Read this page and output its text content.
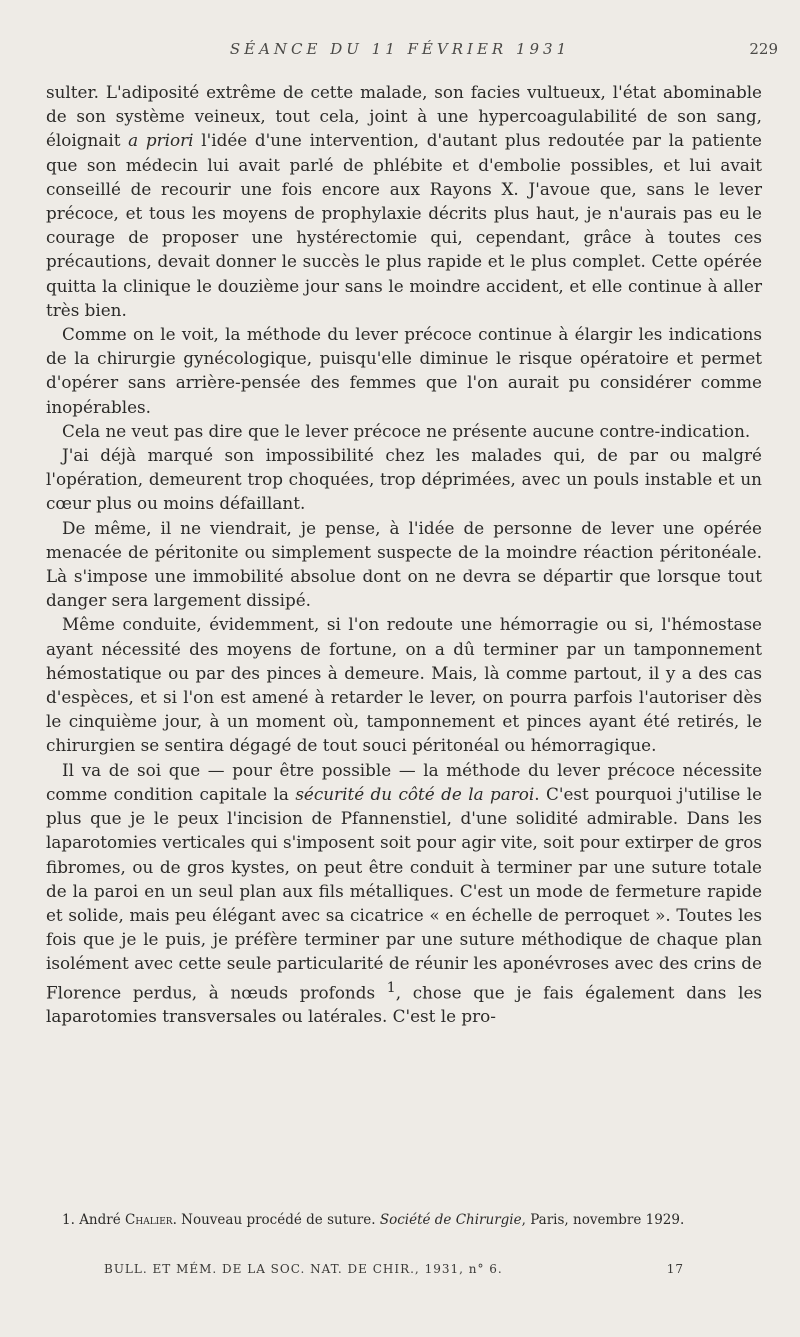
SÉANCE DU 11 FÉVRIER 1931	229

sulter. L'adiposité extrême de cette malade, son facies vultueux, l'état abominable de son système veineux, tout cela, joint à une hypercoagulabilité de son sang, éloignait a priori l'idée d'une intervention, d'autant plus redoutée par la patiente que son médecin lui avait parlé de phlébite et d'embolie possibles, et lui avait conseillé de recourir une fois encore aux Rayons X. J'avoue que, sans le lever précoce, et tous les moyens de prophylaxie décrits plus haut, je n'aurais pas eu le courage de proposer une hystérectomie qui, cependant, grâce à toutes ces précautions, devait donner le succès le plus rapide et le plus complet. Cette opérée quitta la clinique le douzième jour sans le moindre accident, et elle continue à aller très bien.

Comme on le voit, la méthode du lever précoce continue à élargir les indications de la chirurgie gynécologique, puisqu'elle diminue le risque opératoire et permet d'opérer sans arrière-pensée des femmes que l'on aurait pu considérer comme inopérables.

Cela ne veut pas dire que le lever précoce ne présente aucune contre-indication.

J'ai déjà marqué son impossibilité chez les malades qui, de par ou malgré l'opération, demeurent trop choquées, trop déprimées, avec un pouls instable et un cœur plus ou moins défaillant.

De même, il ne viendrait, je pense, à l'idée de personne de lever une opérée menacée de péritonite ou simplement suspecte de la moindre réaction péritonéale. Là s'impose une immobilité absolue dont on ne devra se départir que lorsque tout danger sera largement dissipé.

Même conduite, évidemment, si l'on redoute une hémorragie ou si, l'hémostase ayant nécessité des moyens de fortune, on a dû terminer par un tamponnement hémostatique ou par des pinces à demeure. Mais, là comme partout, il y a des cas d'espèces, et si l'on est amené à retarder le lever, on pourra parfois l'autoriser dès le cinquième jour, à un moment où, tamponnement et pinces ayant été retirés, le chirurgien se sentira dégagé de tout souci péritonéal ou hémorragique.

Il va de soi que — pour être possible — la méthode du lever précoce nécessite comme condition capitale la sécurité du côté de la paroi. C'est pourquoi j'utilise le plus que je le peux l'incision de Pfannenstiel, d'une solidité admirable. Dans les laparotomies verticales qui s'imposent soit pour agir vite, soit pour extirper de gros fibromes, ou de gros kystes, on peut être conduit à terminer par une suture totale de la paroi en un seul plan aux fils métalliques. C'est un mode de fermeture rapide et solide, mais peu élégant avec sa cicatrice « en échelle de perroquet ». Toutes les fois que je le puis, je préfère terminer par une suture méthodique de chaque plan isolément avec cette seule particularité de réunir les aponévroses avec des crins de Florence perdus, à nœuds profonds $^1$, chose que je fais également dans les laparotomies transversales ou latérales. C'est le pro-

1. André Chalier. Nouveau procédé de suture. Société de Chirurgie, Paris, novembre 1929.

BULL. ET MÉM. DE LA SOC. NAT. DE CHIR., 1931, n° 6.	17
